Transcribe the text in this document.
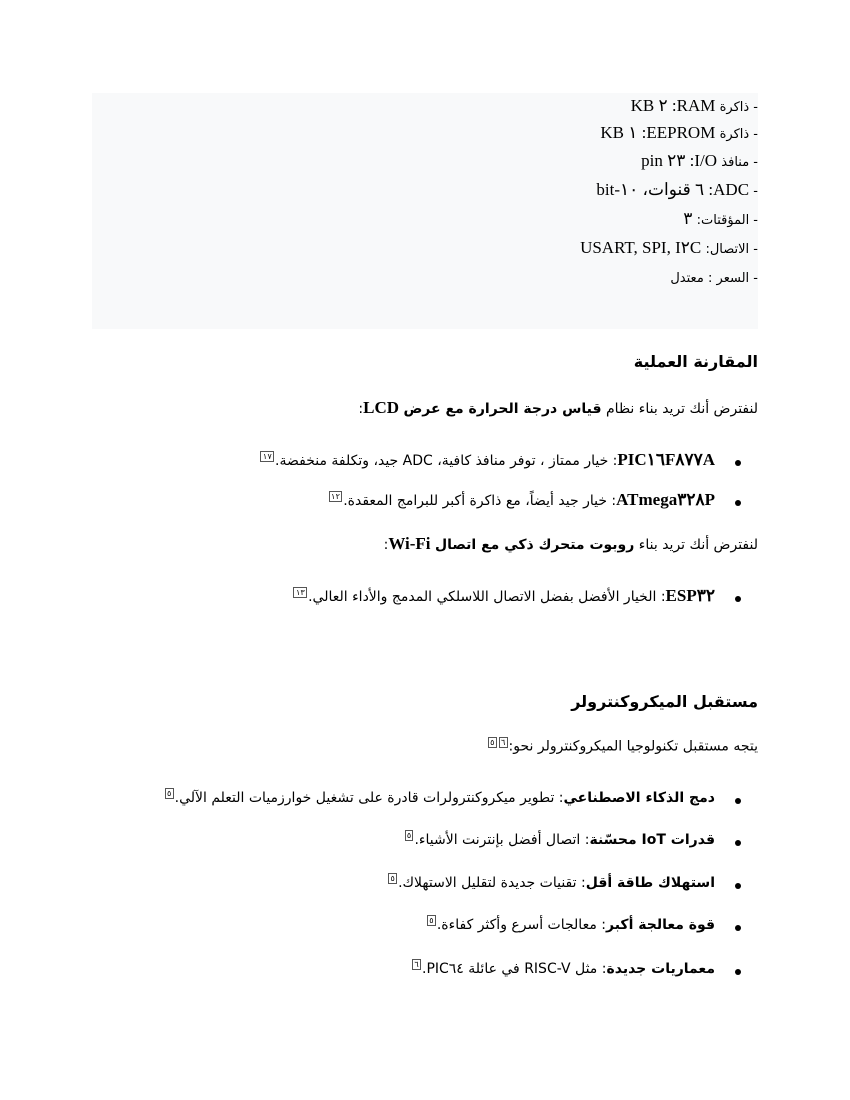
- ذاكرة RAM: ٢ KB
- ذاكرة EEPROM: ١ KB
- منافذ I/O: ٢٣ pin
- ADC: ٦ قنوات، ١٠-bit
- المؤقتات: ٣
- الاتصال: USART, SPI, I٢C
- السعر : معتدل
المقارنة العملية
لنفترض أنك تريد بناء نظام قياس درجة الحرارة مع عرض LCD:
PIC١٦F٨٧٧A: خيار ممتاز ، توفر منافذ كافية، ADC جيد، وتكلفة منخفضة.١٧
ATmega٣٢٨P: خيار جيد أيضاً، مع ذاكرة أكبر للبرامج المعقدة.١٢
لنفترض أنك تريد بناء روبوت متحرك ذكي مع اتصال Wi-Fi:
ESP٣٢: الخيار الأفضل بفضل الاتصال اللاسلكي المدمج والأداء العالي.١٣
مستقبل الميكروكنترولر
يتجه مستقبل تكنولوجيا الميكروكنترولر نحو:٦٥
دمج الذكاء الاصطناعي: تطوير ميكروكنترولرات قادرة على تشغيل خوارزميات التعلم الآلي.٥
قدرات IoT محسّنة: اتصال أفضل بإنترنت الأشياء.٥
استهلاك طاقة أقل: تقنيات جديدة لتقليل الاستهلاك.٥
قوة معالجة أكبر: معالجات أسرع وأكثر كفاءة.٥
معماريات جديدة: مثل RISC-V في عائلة PIC٦٤.٦
